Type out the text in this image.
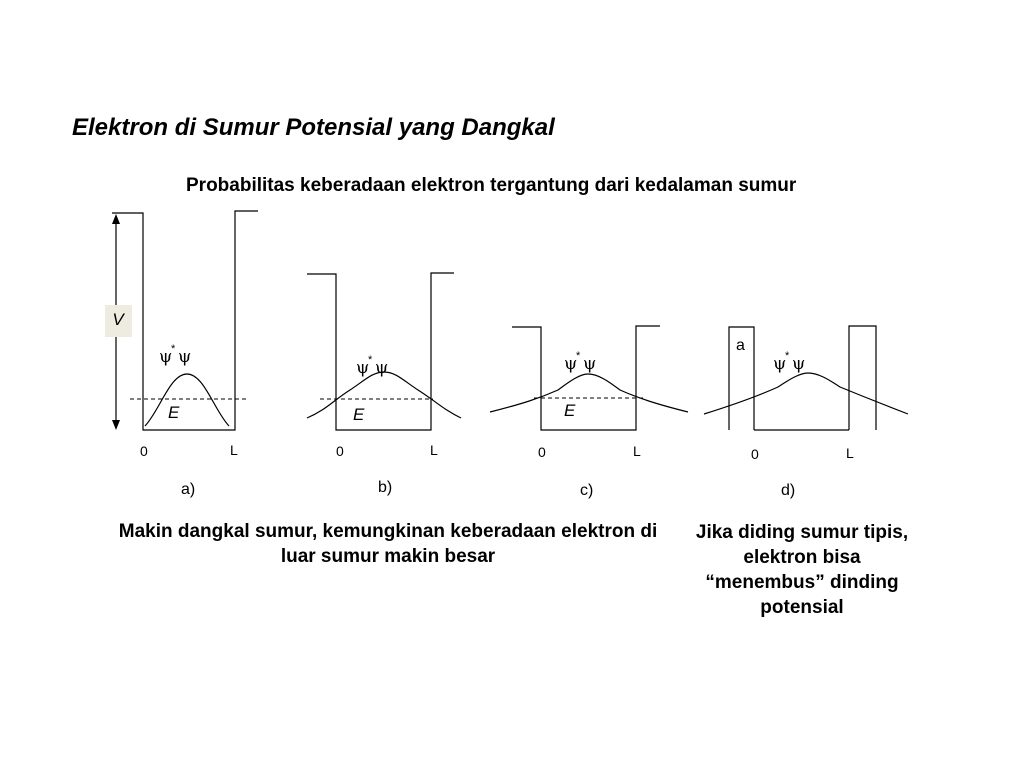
Elektron di Sumur Potensial yang Dangkal
Probabilitas keberadaan elektron tergantung dari kedalaman sumur
V
ψ
* ψ
E
0	L
a)
ψ
* ψ
E
0	L
b)
ψ
* ψ
E
0	L
c)
ψ
* ψ
a
0	L
d)
Makin dangkal sumur, kemungkinan keberadaan elektron di luar sumur makin besar
Jika diding sumur tipis, elektron bisa “menembus” dinding potensial
